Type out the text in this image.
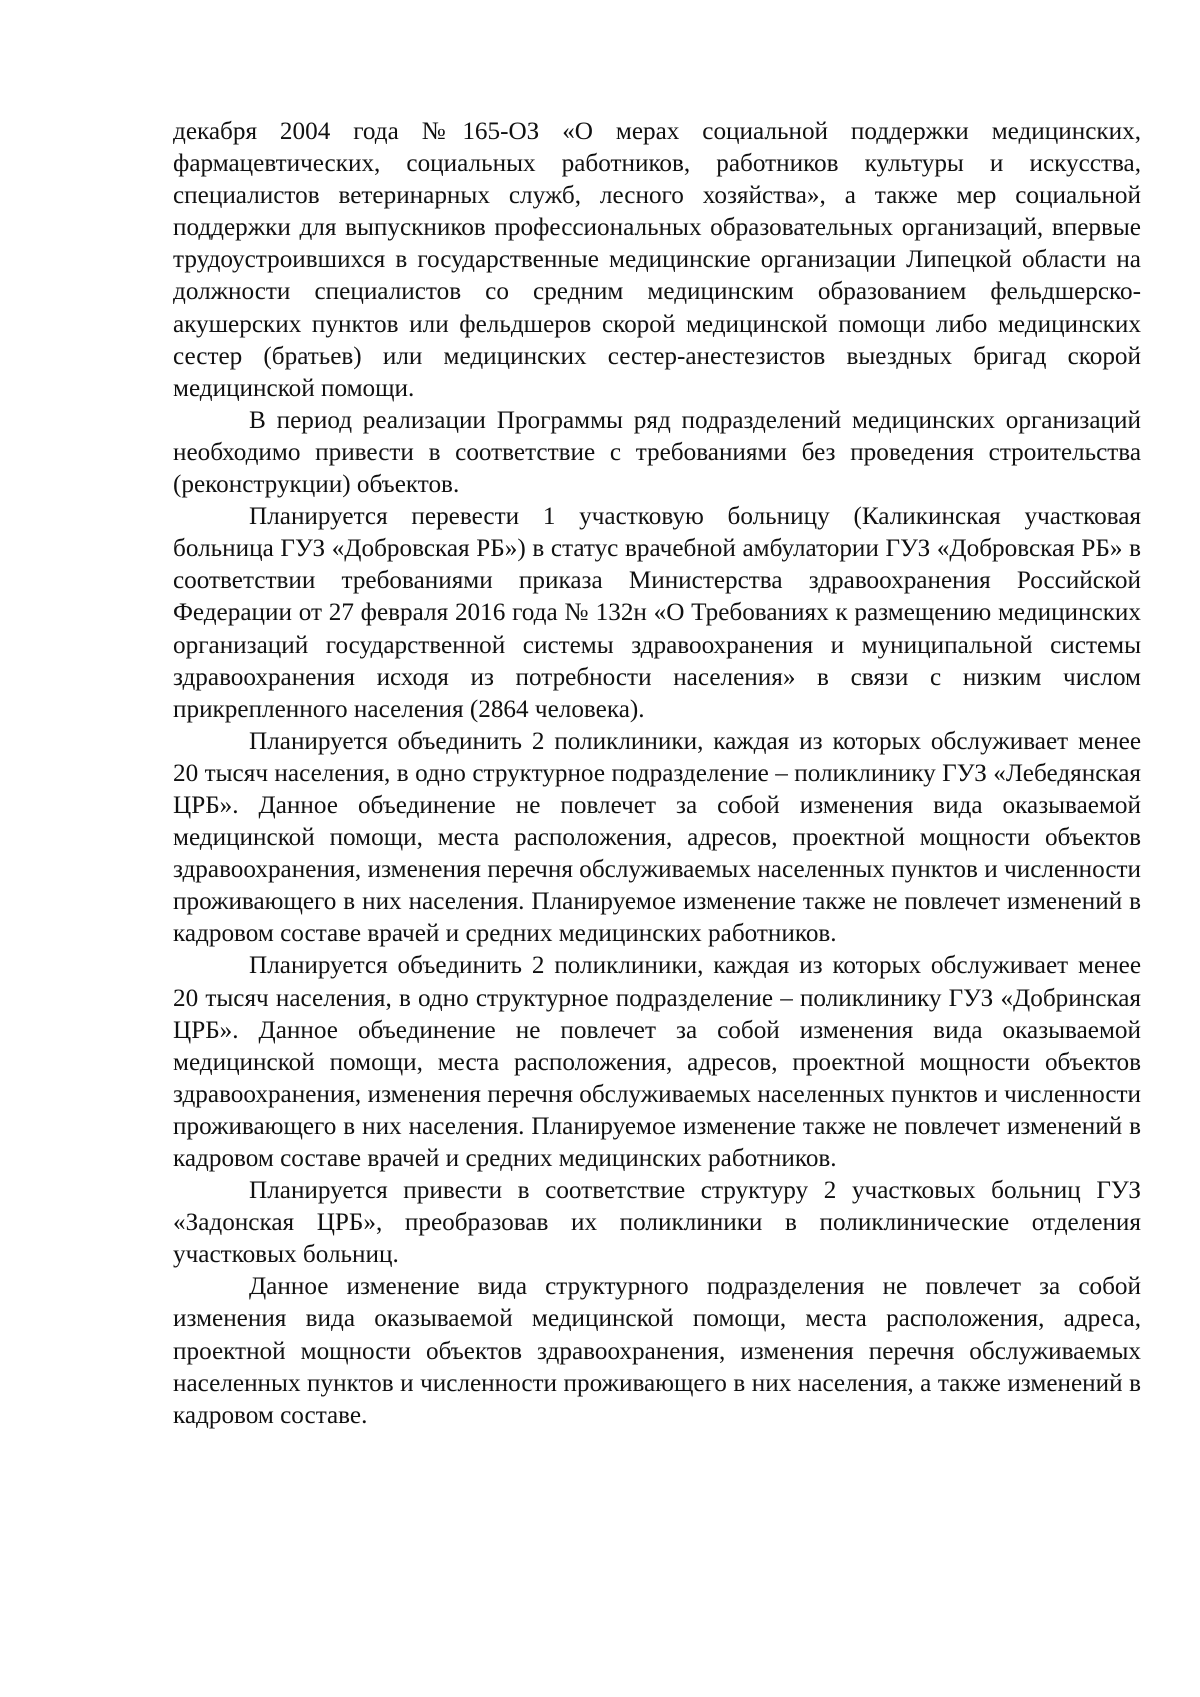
декабря 2004 года №165-ОЗ «О мерах социальной поддержки медицинских, фармацевтических, социальных работников, работников культуры и искусства, специалистов ветеринарных служб, лесного хозяйства», а также мер социальной поддержки для выпускников профессиональных образовательных организаций, впервые трудоустроившихся в государственные медицинские организации Липецкой области на должности специалистов со средним медицинским образованием фельдшерско-акушерских пунктов или фельдшеров скорой медицинской помощи либо медицинских сестер (братьев) или медицинских сестер-анестезистов выездных бригад скорой медицинской помощи.

В период реализации Программы ряд подразделений медицинских организаций необходимо привести в соответствие с требованиями без проведения строительства (реконструкции) объектов.

Планируется перевести 1 участковую больницу (Каликинская участковая больница ГУЗ «Добровская РБ») в статус врачебной амбулатории ГУЗ «Добровская РБ» в соответствии требованиями приказа Министерства здравоохранения Российской Федерации от 27 февраля 2016 года № 132н «О Требованиях к размещению медицинских организаций государственной системы здравоохранения и муниципальной системы здравоохранения исходя из потребности населения» в связи с низким числом прикрепленного населения (2864 человека).

Планируется объединить 2 поликлиники, каждая из которых обслуживает менее 20 тысяч населения, в одно структурное подразделение – поликлинику ГУЗ «Лебедянская ЦРБ». Данное объединение не повлечет за собой изменения вида оказываемой медицинской помощи, места расположения, адресов, проектной мощности объектов здравоохранения, изменения перечня обслуживаемых населенных пунктов и численности проживающего в них населения. Планируемое изменение также не повлечет изменений в кадровом составе врачей и средних медицинских работников.

Планируется объединить 2 поликлиники, каждая из которых обслуживает менее 20 тысяч населения, в одно структурное подразделение – поликлинику ГУЗ «Добринская ЦРБ». Данное объединение не повлечет за собой изменения вида оказываемой медицинской помощи, места расположения, адресов, проектной мощности объектов здравоохранения, изменения перечня обслуживаемых населенных пунктов и численности проживающего в них населения. Планируемое изменение также не повлечет изменений в кадровом составе врачей и средних медицинских работников.

Планируется привести в соответствие структуру 2 участковых больниц ГУЗ «Задонская ЦРБ», преобразовав их поликлиники в поликлинические отделения участковых больниц.

Данное изменение вида структурного подразделения не повлечет за собой изменения вида оказываемой медицинской помощи, места расположения, адреса, проектной мощности объектов здравоохранения, изменения перечня обслуживаемых населенных пунктов и численности проживающего в них населения, а также изменений в кадровом составе.
